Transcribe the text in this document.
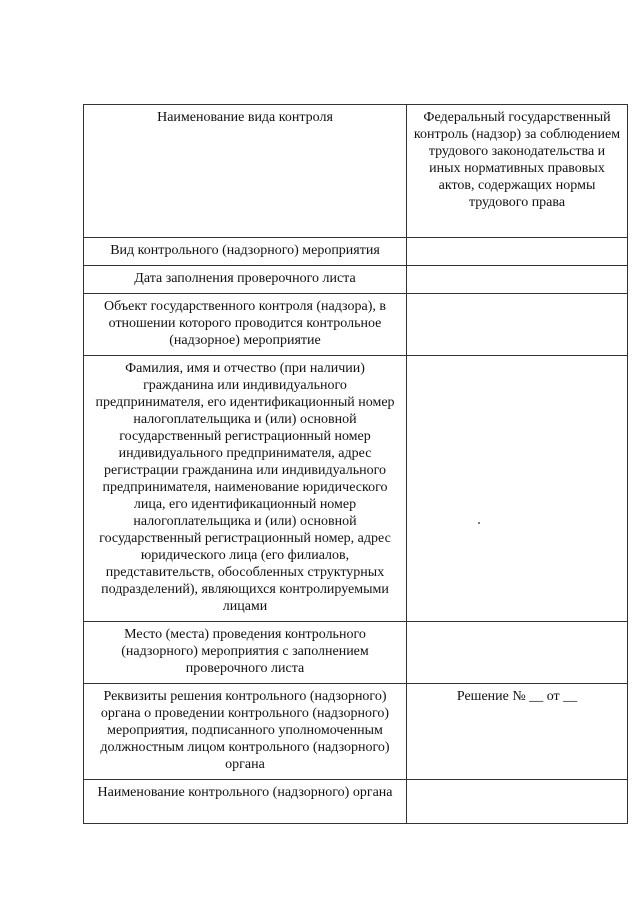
Наименование вида контроля	Федеральный государственный контроль (надзор) за соблюдением трудового законодательства и иных нормативных правовых актов, содержащих нормы трудового права
Вид контрольного (надзорного) мероприятия	
Дата заполнения проверочного листа	
Объект государственного контроля (надзора), в отношении которого проводится контрольное (надзорное) мероприятие	
Фамилия, имя и отчество (при наличии) гражданина или индивидуального предпринимателя, его идентификационный номер налогоплательщика и (или) основной государственный регистрационный номер индивидуального предпринимателя, адрес регистрации гражданина или индивидуального предпринимателя, наименование юридического лица, его идентификационный номер налогоплательщика и (или) основной государственный регистрационный номер, адрес юридического лица (его филиалов, представительств, обособленных структурных подразделений), являющихся контролируемыми лицами	
Место (места) проведения контрольного (надзорного) мероприятия с заполнением проверочного листа	
Реквизиты решения контрольного (надзорного) органа о проведении контрольного (надзорного) мероприятия, подписанного уполномоченным должностным лицом контрольного (надзорного) органа	Решение № __ от __
Наименование контрольного (надзорного) органа	
